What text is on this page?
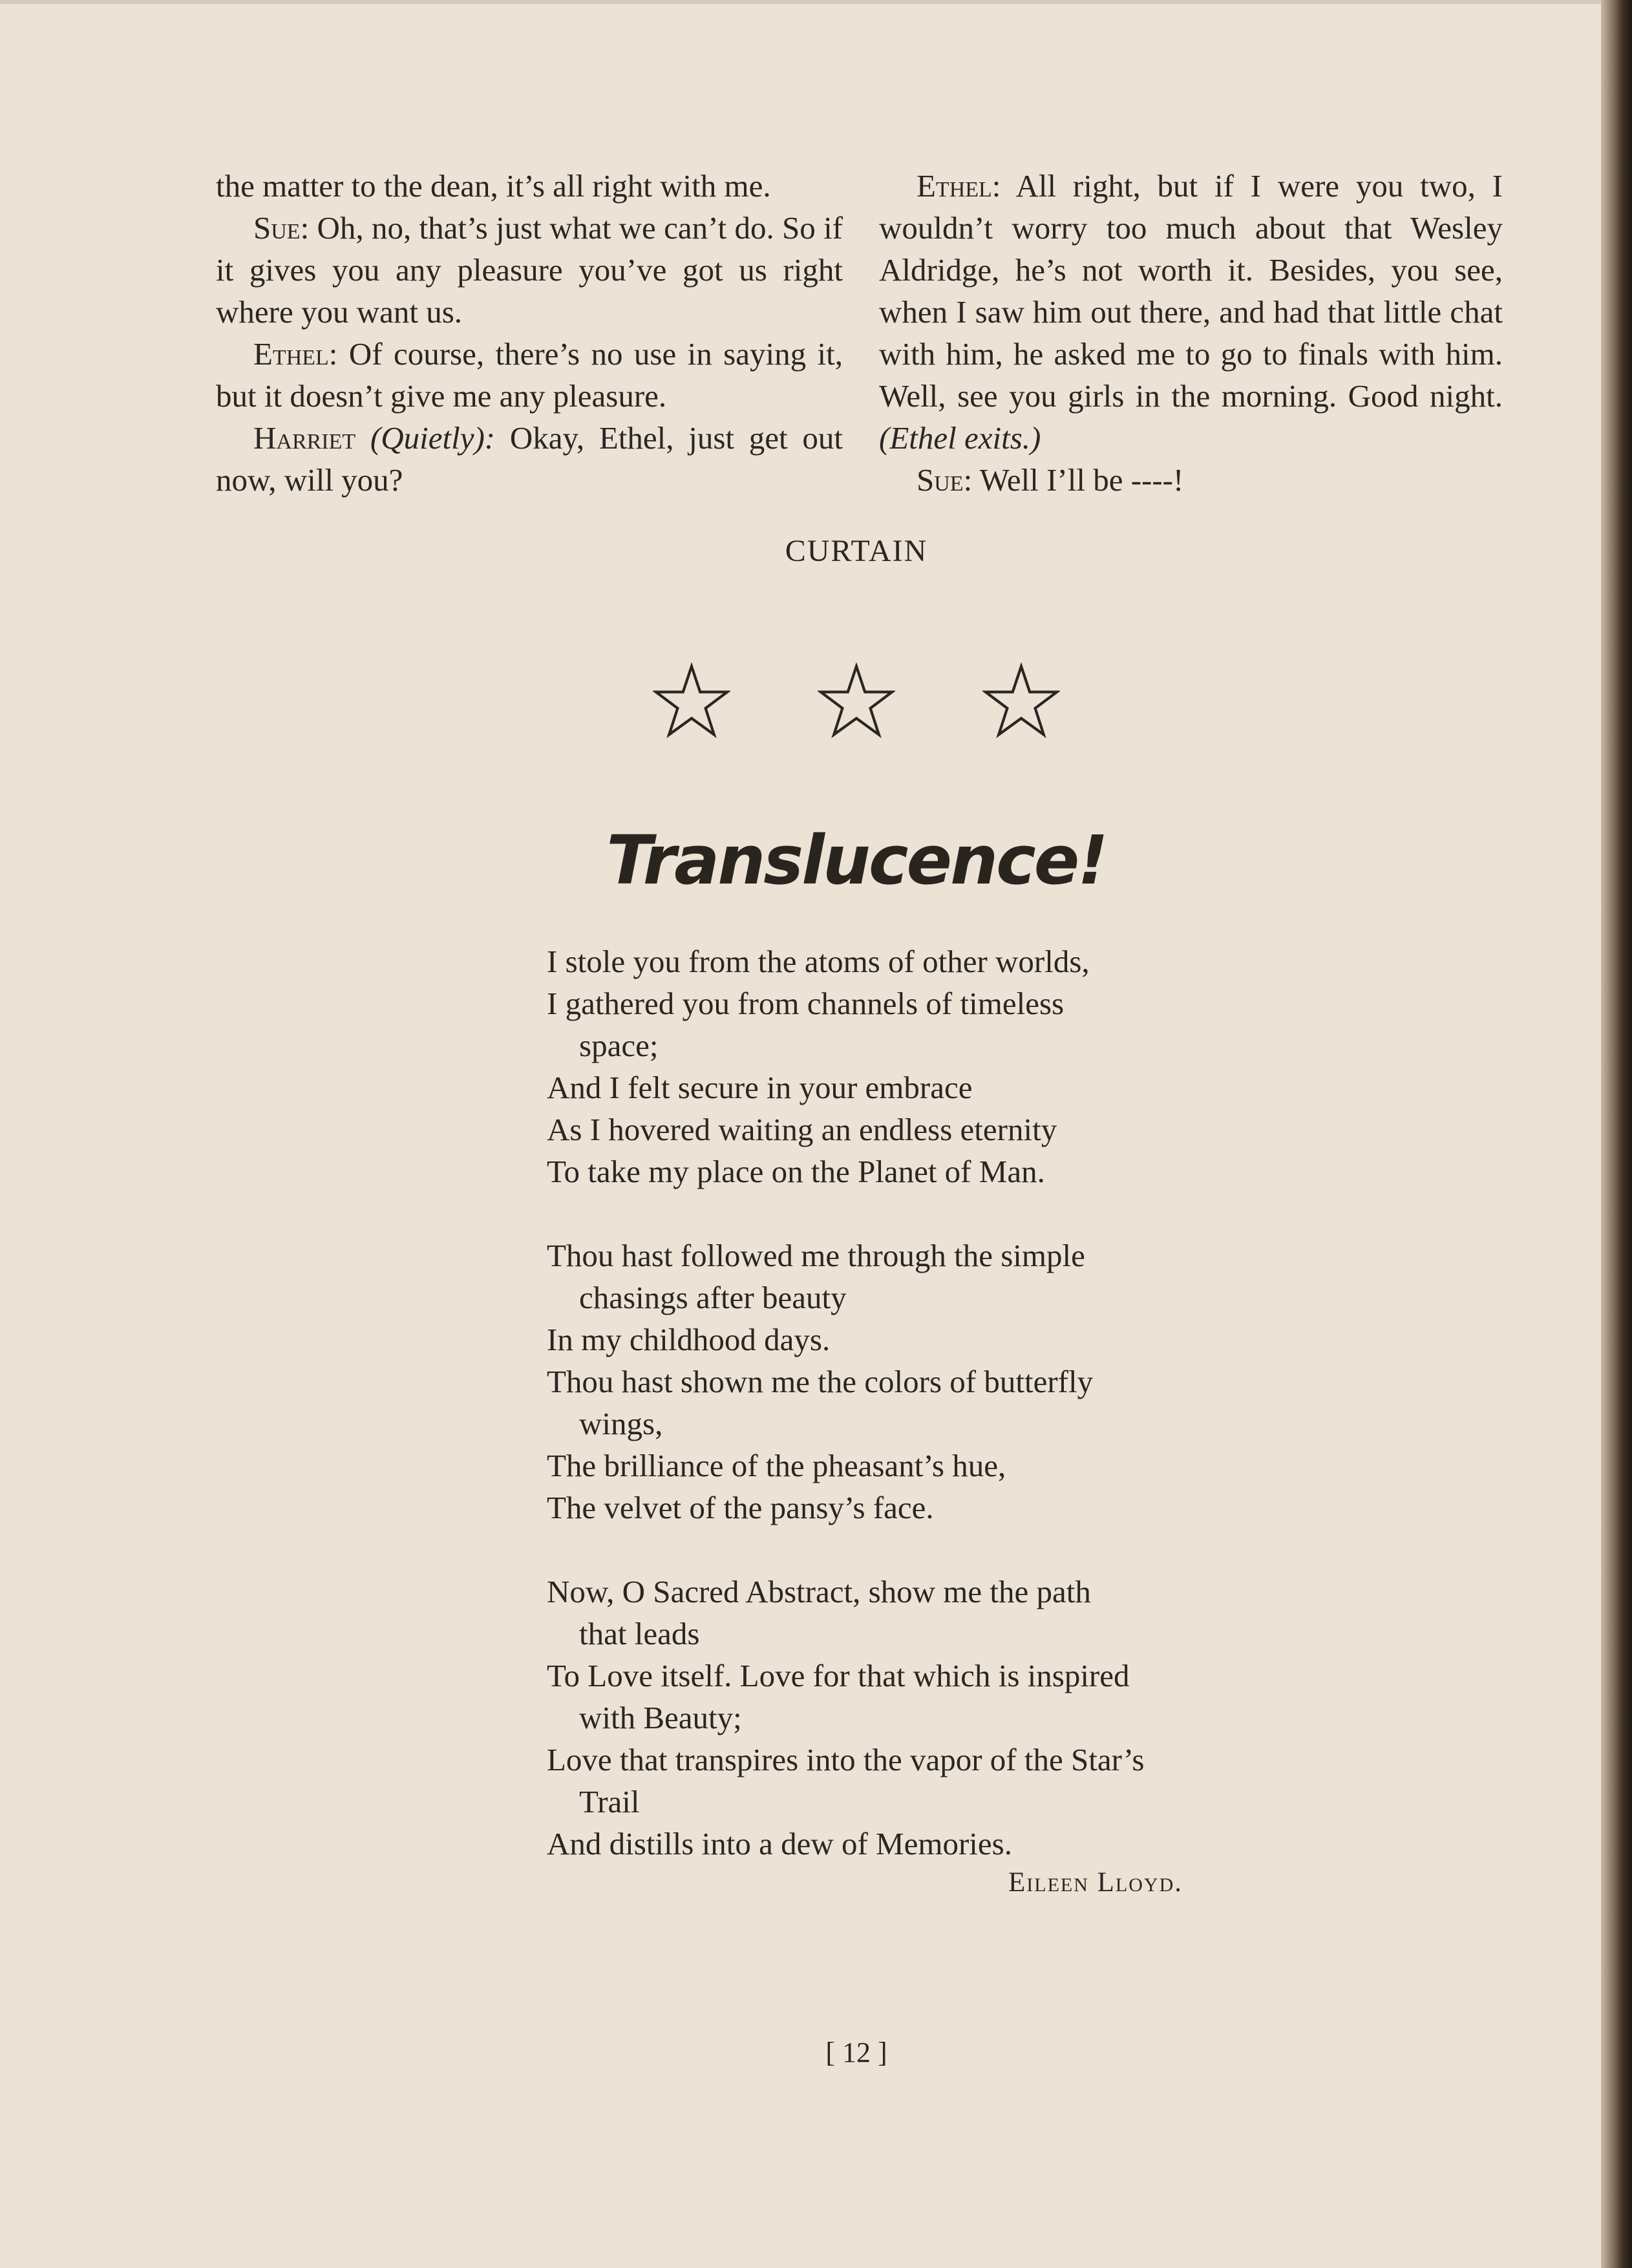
the matter to the dean, it’s all right with me.

Sue: Oh, no, that’s just what we can’t do. So if it gives you any pleasure you’ve got us right where you want us.

Ethel: Of course, there’s no use in saying it, but it doesn’t give me any pleasure.

Harriet (Quietly): Okay, Ethel, just get out now, will you?

Ethel: All right, but if I were you two, I wouldn’t worry too much about that Wesley Aldridge, he’s not worth it. Besides, you see, when I saw him out there, and had that little chat with him, he asked me to go to finals with him. Well, see you girls in the morning. Good night. (Ethel exits.)

Sue: Well I’ll be ----!

CURTAIN
Translucence!
I stole you from the atoms of other worlds,
I gathered you from channels of timeless
space;
And I felt secure in your embrace
As I hovered waiting an endless eternity
To take my place on the Planet of Man.
Thou hast followed me through the simple
chasings after beauty
In my childhood days.
Thou hast shown me the colors of butterfly
wings,
The brilliance of the pheasant’s hue,
The velvet of the pansy’s face.
Now, O Sacred Abstract, show me the path
that leads
To Love itself. Love for that which is inspired
with Beauty;
Love that transpires into the vapor of the Star’s
Trail
And distills into a dew of Memories.
Eileen Lloyd.
[ 12 ]
